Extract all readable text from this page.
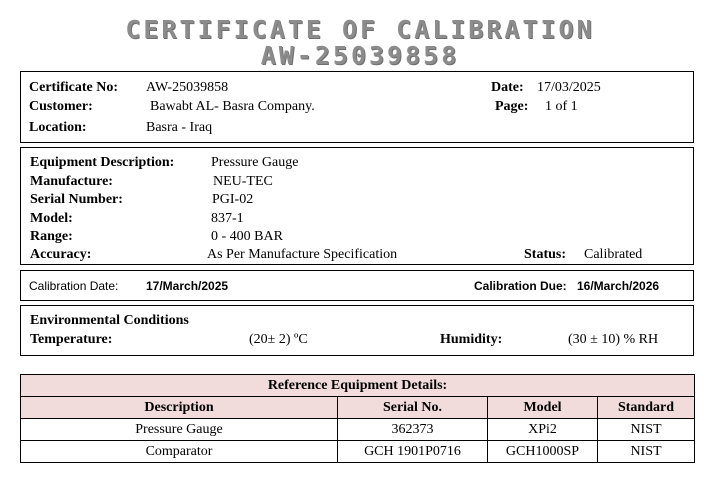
CERTIFICATE OF CALIBRATION
AW-25039858
Certificate No: AW-25039858
Customer:	Bawabt AL- Basra Company.
Location:	Basra - Iraq
Date: 17/03/2025
Page: 1 of 1
Equipment Description:	Pressure Gauge
Manufacture:	NEU-TEC
Serial Number:	PGI-02
Model:	837-1
Range:	0 - 400 BAR
Accuracy:	As Per Manufacture Specification	Status: Calibrated
Calibration Date: 17/March/2025	Calibration Due: 16/March/2026
Environmental Conditions
Temperature:	(20± 2) ºC	Humidity:	(30 ± 10) % RH
Reference Equipment Details:			
Description	Serial No.	Model	Standard
Pressure Gauge	362373	XPi2	NIST
Comparator	GCH 1901P0716	GCH1000SP	NIST
